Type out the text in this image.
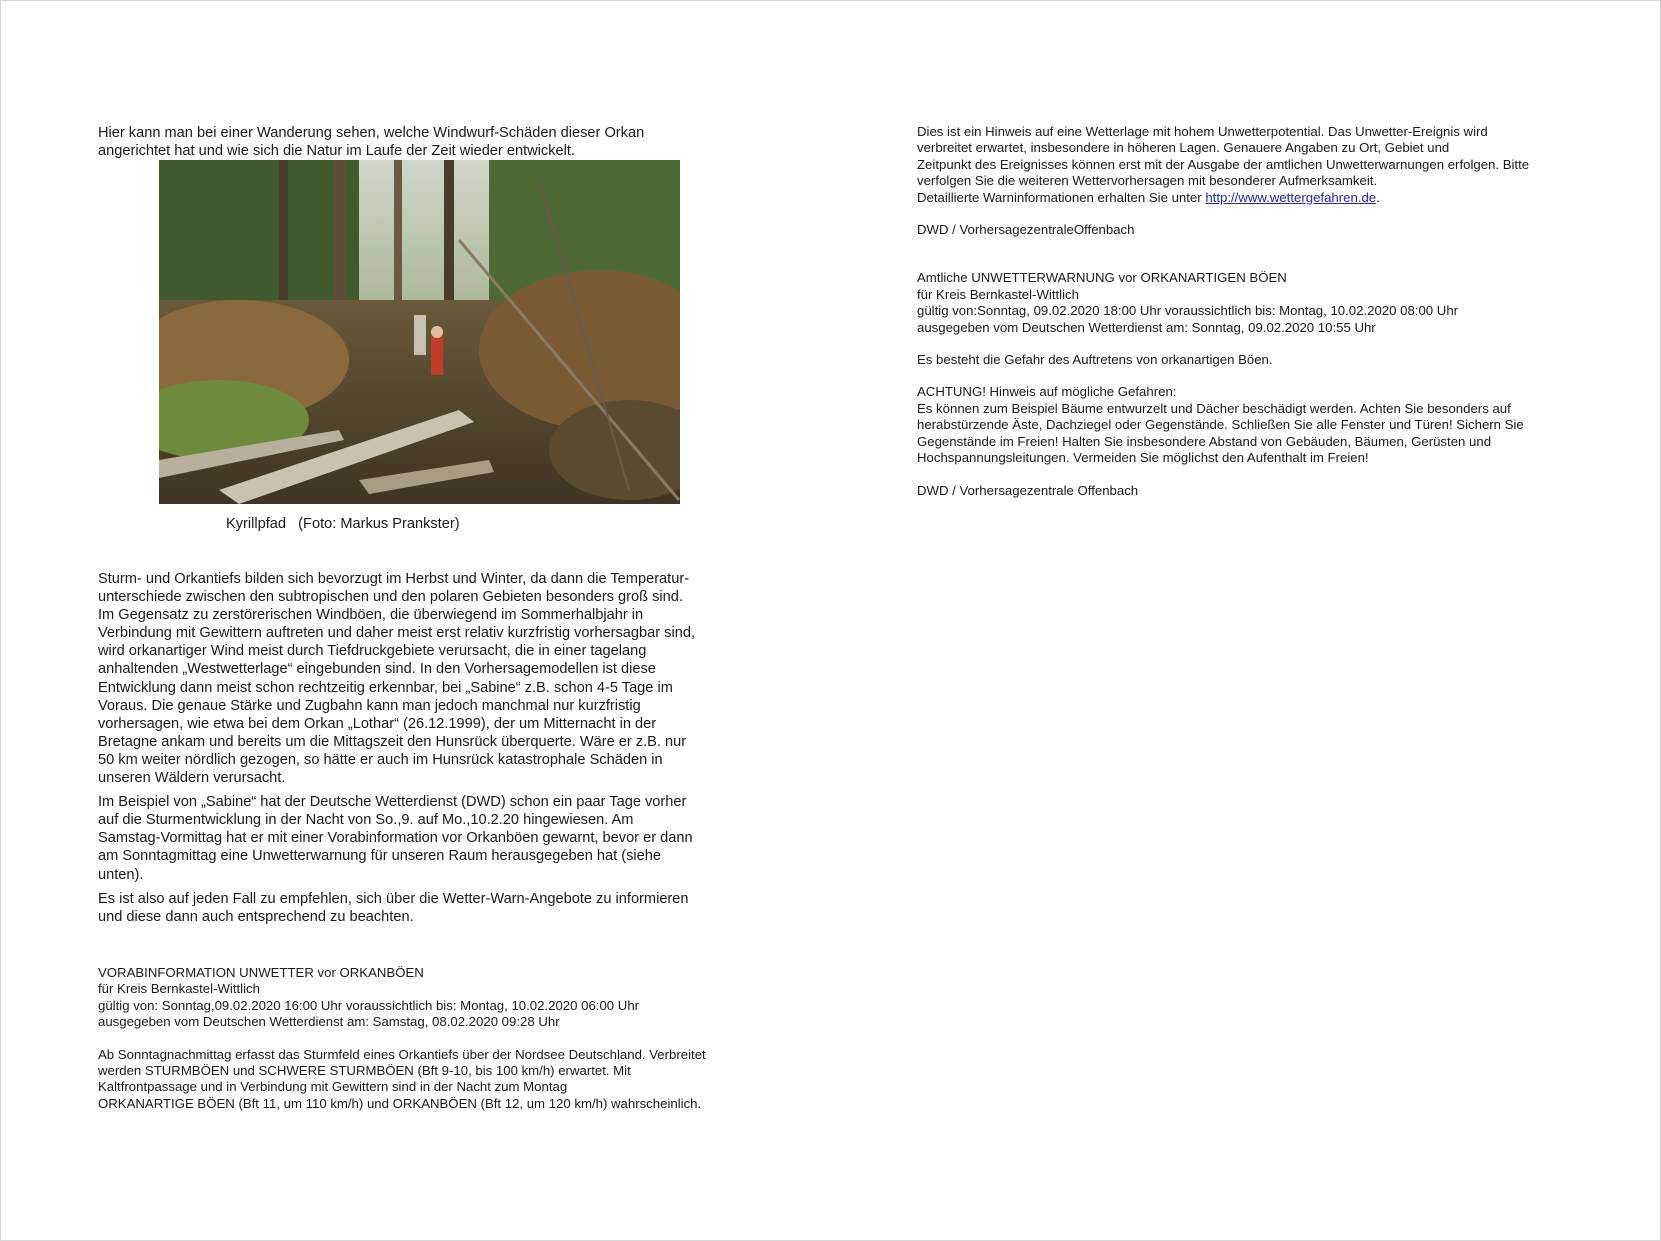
Hier kann man bei einer Wanderung sehen, welche Windwurf-Schäden dieser Orkan
angerichtet hat und wie sich die Natur im Laufe der Zeit wieder entwickelt.
Kyrillpfad   (Foto: Markus Prankster)

Sturm- und Orkantiefs bilden sich bevorzugt im Herbst und Winter, da dann die Temperatur-
unterschiede zwischen den subtropischen und den polaren Gebieten besonders groß sind.
Im Gegensatz zu zerstörerischen Windböen, die überwiegend im Sommerhalbjahr in
Verbindung mit Gewittern auftreten und daher meist erst relativ kurzfristig vorhersagbar sind,
wird orkanartiger Wind meist durch Tiefdruckgebiete verursacht, die in einer tagelang
anhaltenden „Westwetterlage“ eingebunden sind. In den Vorhersagemodellen ist diese
Entwicklung dann meist schon rechtzeitig erkennbar, bei „Sabine“ z.B. schon 4-5 Tage im
Voraus. Die genaue Stärke und Zugbahn kann man jedoch manchmal nur kurzfristig
vorhersagen, wie etwa bei dem Orkan „Lothar“ (26.12.1999), der um Mitternacht in der
Bretagne ankam und bereits um die Mittagszeit den Hunsrück überquerte. Wäre er z.B. nur
50 km weiter nördlich gezogen, so hätte er auch im Hunsrück katastrophale Schäden in
unseren Wäldern verursacht.

Im Beispiel von „Sabine“ hat der Deutsche Wetterdienst (DWD) schon ein paar Tage vorher
auf die Sturmentwicklung in der Nacht von So.,9. auf Mo.,10.2.20 hingewiesen. Am
Samstag-Vormittag hat er mit einer Vorabinformation vor Orkanböen gewarnt, bevor er dann
am Sonntagmittag eine Unwetterwarnung für unseren Raum herausgegeben hat (siehe
unten).

Es ist also auf jeden Fall zu empfehlen, sich über die Wetter-Warn-Angebote zu informieren
und diese dann auch entsprechend zu beachten.

VORABINFORMATION UNWETTER vor ORKANBÖEN
für Kreis Bernkastel-Wittlich
gültig von: Sonntag,09.02.2020 16:00 Uhr voraussichtlich bis: Montag, 10.02.2020 06:00 Uhr
ausgegeben vom Deutschen Wetterdienst am: Samstag, 08.02.2020 09:28 Uhr

Ab Sonntagnachmittag erfasst das Sturmfeld eines Orkantiefs über der Nordsee Deutschland. Verbreitet
werden STURMBÖEN und SCHWERE STURMBÖEN (Bft 9-10, bis 100 km/h) erwartet. Mit
Kaltfrontpassage und in Verbindung mit Gewittern sind in der Nacht zum Montag
ORKANARTIGE BÖEN (Bft 11, um 110 km/h) und ORKANBÖEN (Bft 12, um 120 km/h) wahrscheinlich.

Dies ist ein Hinweis auf eine Wetterlage mit hohem Unwetterpotential. Das Unwetter-Ereignis wird
verbreitet erwartet, insbesondere in höheren Lagen. Genauere Angaben zu Ort, Gebiet und
Zeitpunkt des Ereignisses können erst mit der Ausgabe der amtlichen Unwetterwarnungen erfolgen. Bitte
verfolgen Sie die weiteren Wettervorhersagen mit besonderer Aufmerksamkeit.
Detaillierte Warninformationen erhalten Sie unter http://www.wettergefahren.de.

DWD / VorhersagezentraleOffenbach

Amtliche UNWETTERWARNUNG vor ORKANARTIGEN BÖEN
für Kreis Bernkastel-Wittlich
gültig von:Sonntag, 09.02.2020 18:00 Uhr voraussichtlich bis: Montag, 10.02.2020 08:00 Uhr
ausgegeben vom Deutschen Wetterdienst am: Sonntag, 09.02.2020 10:55 Uhr

Es besteht die Gefahr des Auftretens von orkanartigen Böen.

ACHTUNG! Hinweis auf mögliche Gefahren:
Es können zum Beispiel Bäume entwurzelt und Dächer beschädigt werden. Achten Sie besonders auf
herabstürzende Äste, Dachziegel oder Gegenstände. Schließen Sie alle Fenster und Türen! Sichern Sie
Gegenstände im Freien! Halten Sie insbesondere Abstand von Gebäuden, Bäumen, Gerüsten und
Hochspannungsleitungen. Vermeiden Sie möglichst den Aufenthalt im Freien!

DWD / Vorhersagezentrale Offenbach
